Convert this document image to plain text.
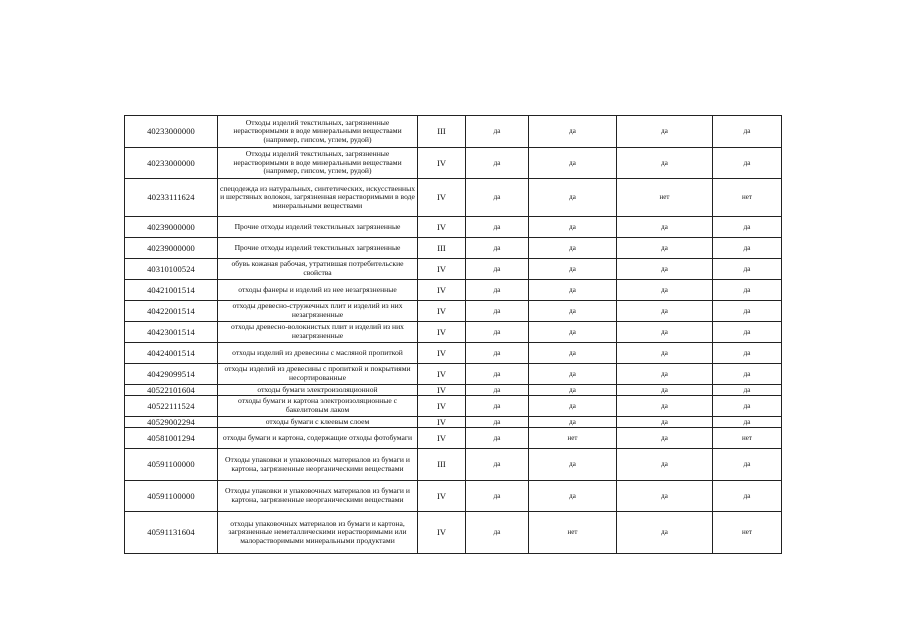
40233000000	Отходы изделий текстильных, загрязненные нерастворимыми в воде минеральными веществами (например, гипсом, углем, рудой)	III	да	да	да	да
40233000000	Отходы изделий текстильных, загрязненные нерастворимыми в воде минеральными веществами (например, гипсом, углем, рудой)	IV	да	да	да	да
40233111624	спецодежда из натуральных, синтетических, искусственных и шерстяных волокон, загрязненная нерастворимыми в воде минеральными веществами	IV	да	да	нет	нет
40239000000	Прочие отходы изделий текстильных загрязненные	IV	да	да	да	да
40239000000	Прочие отходы изделий текстильных загрязненные	III	да	да	да	да
40310100524	обувь кожаная рабочая, утратившая потребительские свойства	IV	да	да	да	да
40421001514	отходы фанеры и изделий из нее незагрязненные	IV	да	да	да	да
40422001514	отходы древесно-стружечных плит и изделий из них незагрязненные	IV	да	да	да	да
40423001514	отходы древесно-волокнистых плит и изделий из них незагрязненные	IV	да	да	да	да
40424001514	отходы изделий из древесины с масляной пропиткой	IV	да	да	да	да
40429099514	отходы изделий из древесины с пропиткой и покрытиями несортированные	IV	да	да	да	да
40522101604	отходы бумаги электроизоляционной	IV	да	да	да	да
40522111524	отходы бумаги и картона электроизоляционные с бакелитовым лаком	IV	да	да	да	да
40529002294	отходы бумаги с клеевым слоем	IV	да	да	да	да
40581001294	отходы бумаги и картона, содержащие отходы фотобумаги	IV	да	нет	да	нет
40591100000	Отходы упаковки и упаковочных материалов из бумаги и картона, загрязненные неорганическими веществами	III	да	да	да	да
40591100000	Отходы упаковки и упаковочных материалов из бумаги и картона, загрязненные неорганическими веществами	IV	да	да	да	да
40591131604	отходы упаковочных материалов из бумаги и картона, загрязненные неметаллическими нерастворимыми или малорастворимыми минеральными продуктами	IV	да	нет	да	нет
